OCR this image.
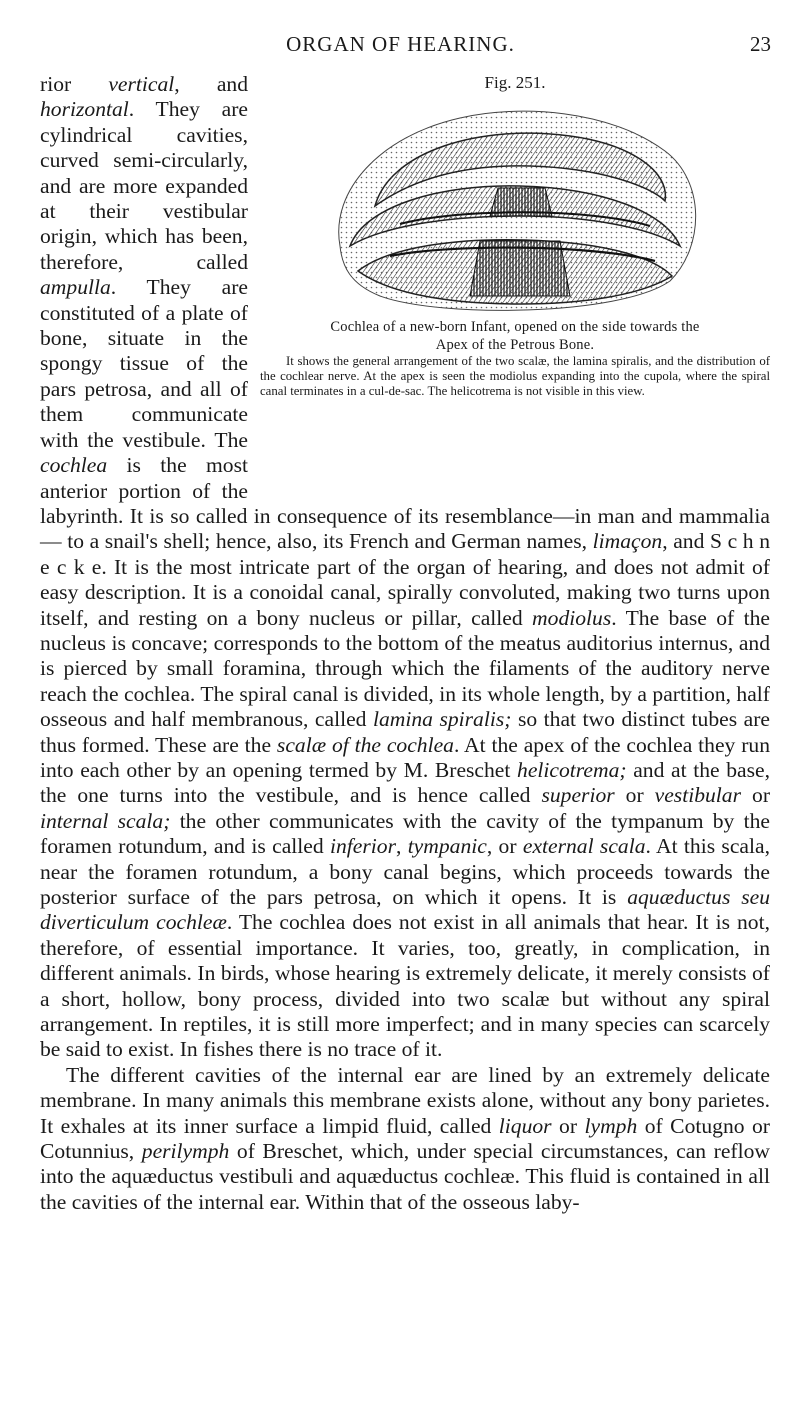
ORGAN OF HEARING.	23

Fig. 251.

Cochlea of a new-born Infant, opened on the side towards the
Apex of the Petrous Bone.

It shows the general arrangement of the two scalæ, the lamina spiralis, and the distribution of the cochlear nerve. At the apex is seen the modiolus expanding into the cupola, where the spiral canal terminates in a cul-de-sac. The helicotrema is not visible in this view.

rior vertical, and horizontal. They are cylindrical cavities, curved semi-circularly, and are more expanded at their vestibular origin, which has been, therefore, called ampulla. They are constituted of a plate of bone, situate in the spongy tissue of the pars petrosa, and all of them communicate with the vestibule. The cochlea is the most anterior portion of the labyrinth. It is so called in consequence of its resemblance—in man and mammalia — to a snail's shell; hence, also, its French and German names, limaçon, and S c h n e c k e. It is the most intricate part of the organ of hearing, and does not admit of easy description. It is a conoidal canal, spirally convoluted, making two turns upon itself, and resting on a bony nucleus or pillar, called modiolus. The base of the nucleus is concave; corresponds to the bottom of the meatus auditorius internus, and is pierced by small foramina, through which the filaments of the auditory nerve reach the cochlea. The spiral canal is divided, in its whole length, by a partition, half osseous and half membranous, called lamina spiralis; so that two distinct tubes are thus formed. These are the scalæ of the cochlea. At the apex of the cochlea they run into each other by an opening termed by M. Breschet helicotrema; and at the base, the one turns into the vestibule, and is hence called superior or vestibular or internal scala; the other communicates with the cavity of the tympanum by the foramen rotundum, and is called inferior, tympanic, or external scala. At this scala, near the foramen rotundum, a bony canal begins, which proceeds towards the posterior surface of the pars petrosa, on which it opens. It is aquæductus seu diverticulum cochleæ. The cochlea does not exist in all animals that hear. It is not, therefore, of essential importance. It varies, too, greatly, in complication, in different animals. In birds, whose hearing is extremely delicate, it merely consists of a short, hollow, bony process, divided into two scalæ but without any spiral arrangement. In reptiles, it is still more imperfect; and in many species can scarcely be said to exist. In fishes there is no trace of it.

The different cavities of the internal ear are lined by an extremely delicate membrane. In many animals this membrane exists alone, without any bony parietes. It exhales at its inner surface a limpid fluid, called liquor or lymph of Cotugno or Cotunnius, perilymph of Breschet, which, under special circumstances, can reflow into the aquæductus vestibuli and aquæductus cochleæ. This fluid is contained in all the cavities of the internal ear. Within that of the osseous laby-
